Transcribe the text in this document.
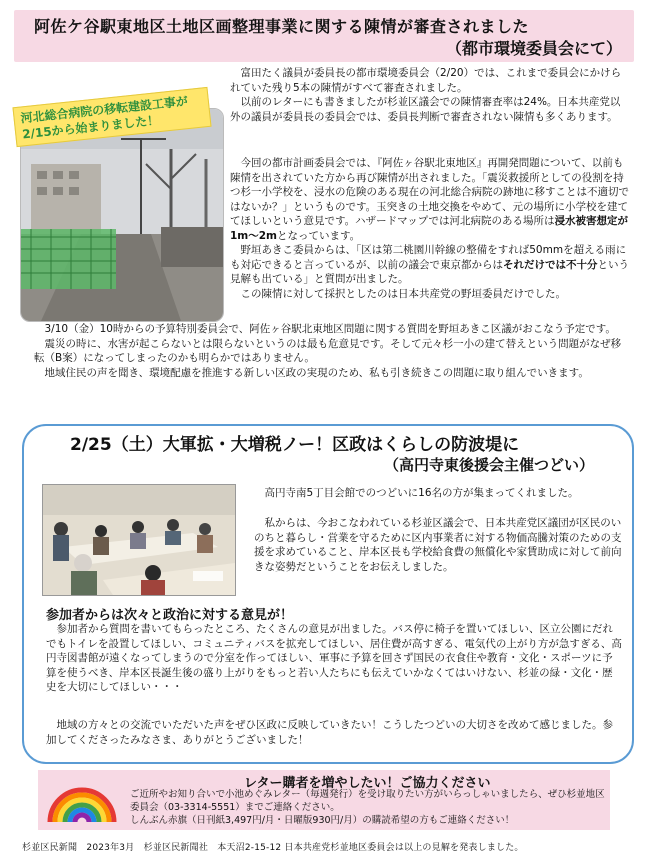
阿佐ケ谷駅東地区土地区画整理事業に関する陳情が審査されました
（都市環境委員会にて）

　富田たく議員が委員長の都市環境委員会（2/20）では、これまで委員会にかけられていた残り5本の陳情がすべて審査されました。

　以前のレターにも書きましたが杉並区議会での陳情審査率は24%。日本共産党以外の議員が委員長の委員会では、委員長判断で審査されない陳情も多くあります。

河北総合病院の移転建設工事が2/15から始まりました！

　今回の都市計画委員会では、『阿佐ヶ谷駅北東地区』再開発問題について、以前も陳情を出されていた方から再び陳情が出されました。「震災救援所としての役割を持つ杉一小学校を、浸水の危険のある現在の河北総合病院の跡地に移すことは不適切ではないか？」というものです。玉突きの土地交換をやめて、元の場所に小学校を建ててほしいという意見です。ハザードマップでは河北病院のある場所は浸水被害想定が1m〜2mとなっています。

　野垣あきこ委員からは、「区は第二桃園川幹線の整備をすれば50mmを超える雨にも対応できると言っているが、以前の議会で東京都からはそれだけでは不十分という見解も出ている」と質問が出ました。

　この陳情に対して採択としたのは日本共産党の野垣委員だけでした。

　3/10（金）10時からの予算特別委員会で、阿佐ヶ谷駅北東地区問題に関する質問を野垣あきこ区議がおこなう予定です。

　震災の時に、水害が起こらないとは限らないというのは最も危意見です。そして元々杉一小の建て替えという問題がなぜ移転（B案）になってしまったのかも明らかではありません。

　地域住民の声を聞き、環境配慮を推進する新しい区政の実現のため、私も引き続きこの問題に取り組んでいきます。

2/25（土）大軍拡・大増税ノー！区政はくらしの防波堤に
（高円寺東後援会主催つどい）

　高円寺南5丁目会館でのつどいに16名の方が集まってくれました。

　私からは、今おこなわれている杉並区議会で、日本共産党区議団が区民のいのちと暮らし・営業を守るために区内事業者に対する物価高騰対策のための支援を求めていること、岸本区長も学校給食費の無償化や家賃助成に対して前向きな姿勢だということをお伝えしました。

参加者からは次々と政治に対する意見が！

　参加者から質問を書いてもらったところ、たくさんの意見が出ました。バス停に椅子を置いてほしい、区立公園にだれでもトイレを設置してほしい、コミュニティバスを拡充してほしい、居住費が高すぎる、電気代の上がり方が急すぎる、高円寺図書館が遠くなってしまうので分室を作ってほしい、軍事に予算を回さず国民の衣食住や教育・文化・スポーツに予算を使うべき、岸本区長誕生後の盛り上がりをもっと若い人たちにも伝えていかなくてはいけない、杉並の緑・文化・歴史を大切にしてほしい・・・

　地域の方々との交流でいただいた声をぜひ区政に反映していきたい！こうしたつどいの大切さを改めて感じました。参加してくださったみなさま、ありがとうございました！

レター購者を増やしたい！ご協力ください
ご近所やお知り合いで小池めぐみレター（毎週発行）を受け取りたい方がいらっしゃいましたら、ぜひ杉並地区委員会（03-3314-5551）までご連絡ください。
しんぶん赤旗（日刊紙3,497円/月・日曜版930円/月）の購読希望の方もご連絡ください！
杉並区民新聞　2023年3月　杉並区民新聞社　本天沼2-15-12 日本共産党杉並地区委員会は以上の見解を発表しました。
